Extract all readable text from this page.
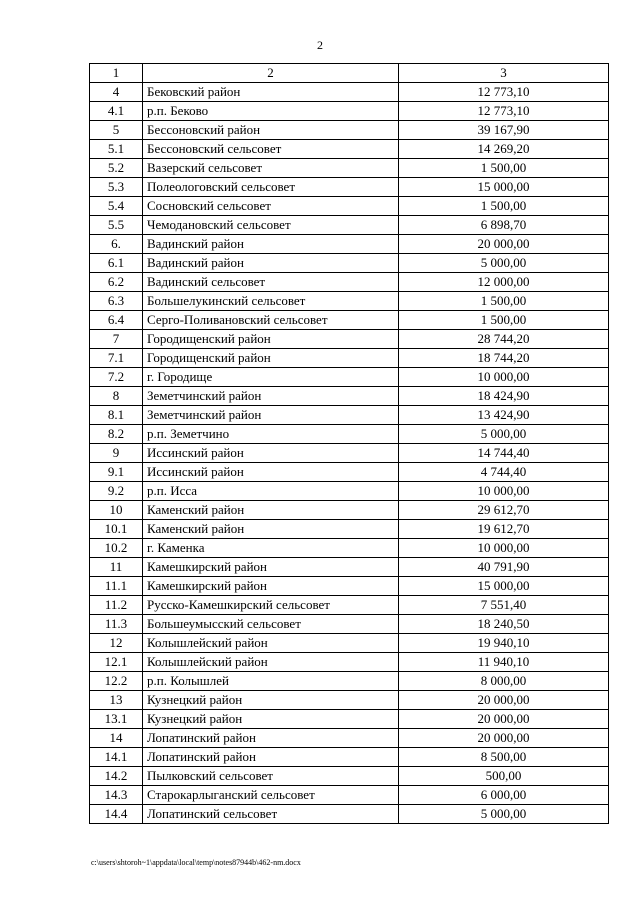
2
1	2	3
4	Бековский район	12 773,10
4.1	р.п. Беково	12 773,10
5	Бессоновский район	39 167,90
5.1	Бессоновский сельсовет	14 269,20
5.2	Вазерский сельсовет	1 500,00
5.3	Полеологовский сельсовет	15 000,00
5.4	Сосновский сельсовет	1 500,00
5.5	Чемодановский сельсовет	6 898,70
6.	Вадинский район	20 000,00
6.1	Вадинский район	5 000,00
6.2	Вадинский сельсовет	12 000,00
6.3	Большелукинский сельсовет	1 500,00
6.4	Серго-Поливановский сельсовет	1 500,00
7	Городищенский район	28 744,20
7.1	Городищенский район	18 744,20
7.2	г. Городище	10 000,00
8	Земетчинский район	18 424,90
8.1	Земетчинский район	13 424,90
8.2	р.п. Земетчино	5 000,00
9	Иссинский район	14 744,40
9.1	Иссинский район	4 744,40
9.2	р.п. Исса	10 000,00
10	Каменский район	29 612,70
10.1	Каменский район	19 612,70
10.2	г. Каменка	10 000,00
11	Камешкирский район	40 791,90
11.1	Камешкирский район	15 000,00
11.2	Русско-Камешкирский сельсовет	7 551,40
11.3	Большеумысский сельсовет	18 240,50
12	Колышлейский район	19 940,10
12.1	Колышлейский район	11 940,10
12.2	р.п. Колышлей	8 000,00
13	Кузнецкий район	20 000,00
13.1	Кузнецкий район	20 000,00
14	Лопатинский район	20 000,00
14.1	Лопатинский район	8 500,00
14.2	Пылковский сельсовет	500,00
14.3	Старокарлыганский сельсовет	6 000,00
14.4	Лопатинский сельсовет	5 000,00
c:\users\shtoroh~1\appdata\local\temp\notes87944b\462-nm.docx
